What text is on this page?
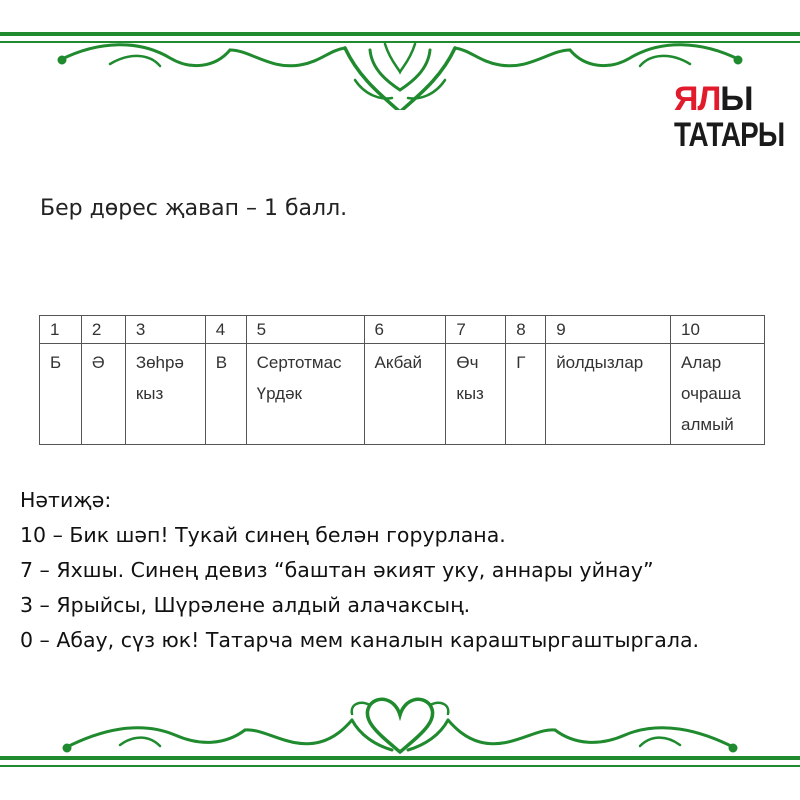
ЯЛЫ
ТАТАРЫ
Бер дөрес җавап – 1 балл.
1	2	3	4	5	6	7	8	9	10
Б	Ә	Зөһрә кыз	В	Сертотмас Үрдәк	Акбай	Өч кыз	Г	йолдызлар	Алар очраша алмый
Нәтиҗә:
10 – Бик шәп! Тукай синең белән горурлана.
7 – Яхшы. Синең девиз “баштан әкият уку, аннары уйнау”
3 – Ярыйсы, Шүрәлене алдый алачаксың.
0 – Абау, сүз юк! Татарча мем каналын караштыргаштыргала.
